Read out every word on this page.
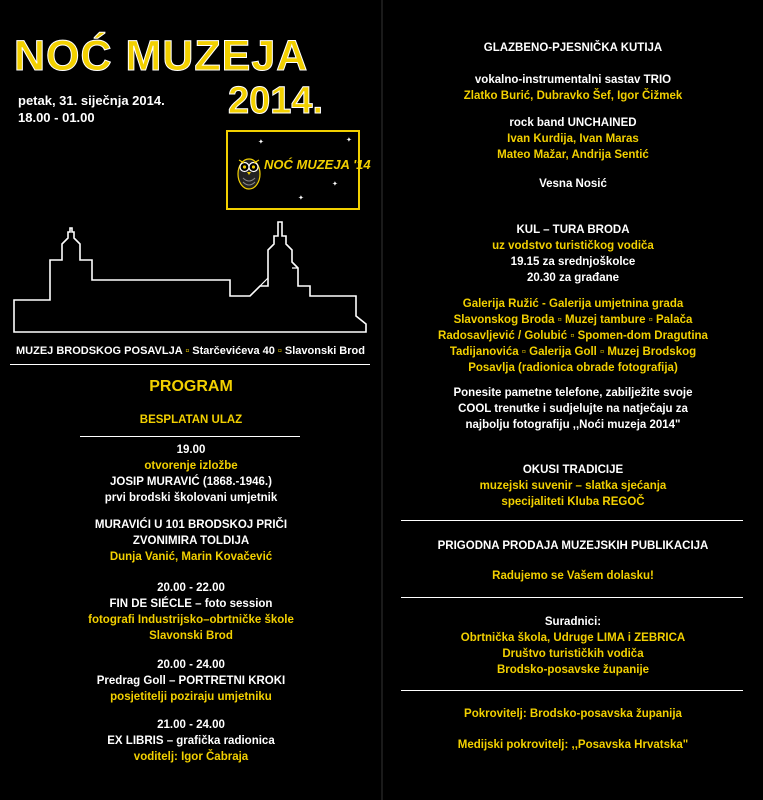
NOĆ MUZEJA
petak, 31. siječnja 2014.
18.00 - 01.00	2014.
✦	✦
✦
✦
NOĆ MUZEJA '14
MUZEJ BRODSKOG POSAVLJA ▫ Starčevićeva 40 ▫ Slavonski Brod
PROGRAM
BESPLATAN ULAZ
19.00
otvorenje izložbe
JOSIP MURAVIĆ (1868.-1946.)
prvi brodski školovani umjetnik
MURAVIĆI U 101 BRODSKOJ PRIČI
ZVONIMIRA TOLDIJA
Dunja Vanić, Marin Kovačević
20.00 - 22.00
FIN DE SIÉCLE – foto session
fotografi Industrijsko–obrtničke škole
Slavonski Brod
20.00 - 24.00
Predrag Goll – PORTRETNI KROKI
posjetitelji poziraju umjetniku
21.00 - 24.00
EX LIBRIS – grafička radionica
voditelj: Igor Čabraja
GLAZBENO-PJESNIČKA KUTIJA
vokalno-instrumentalni sastav TRIO
Zlatko Burić, Dubravko Šef, Igor Čižmek
rock band UNCHAINED
Ivan Kurdija, Ivan Maras
Mateo Mažar, Andrija Sentić
Vesna Nosić
KUL – TURA BRODA
uz vodstvo turističkog vodiča
19.15 za srednjoškolce
20.30 za građane
Galerija Ružić - Galerija umjetnina grada
Slavonskog Broda ▫ Muzej tambure ▫ Palača
Radosavljević / Golubić ▫ Spomen-dom Dragutina
Tadijanovića ▫ Galerija Goll ▫ Muzej Brodskog
Posavlja (radionica obrade fotografija)
Ponesite pametne telefone, zabilježite svoje
COOL trenutke i sudjelujte na natječaju za
najbolju fotografiju ,,Noći muzeja 2014"
OKUSI TRADICIJE
muzejski suvenir – slatka sjećanja
specijaliteti Kluba REGOČ
PRIGODNA PRODAJA MUZEJSKIH PUBLIKACIJA
Radujemo se Vašem dolasku!
Suradnici:
Obrtnička škola, Udruge LIMA i ZEBRICA
Društvo turističkih vodiča
Brodsko-posavske županije
Pokrovitelj: Brodsko-posavska županija
Medijski pokrovitelj: ,,Posavska Hrvatska"
